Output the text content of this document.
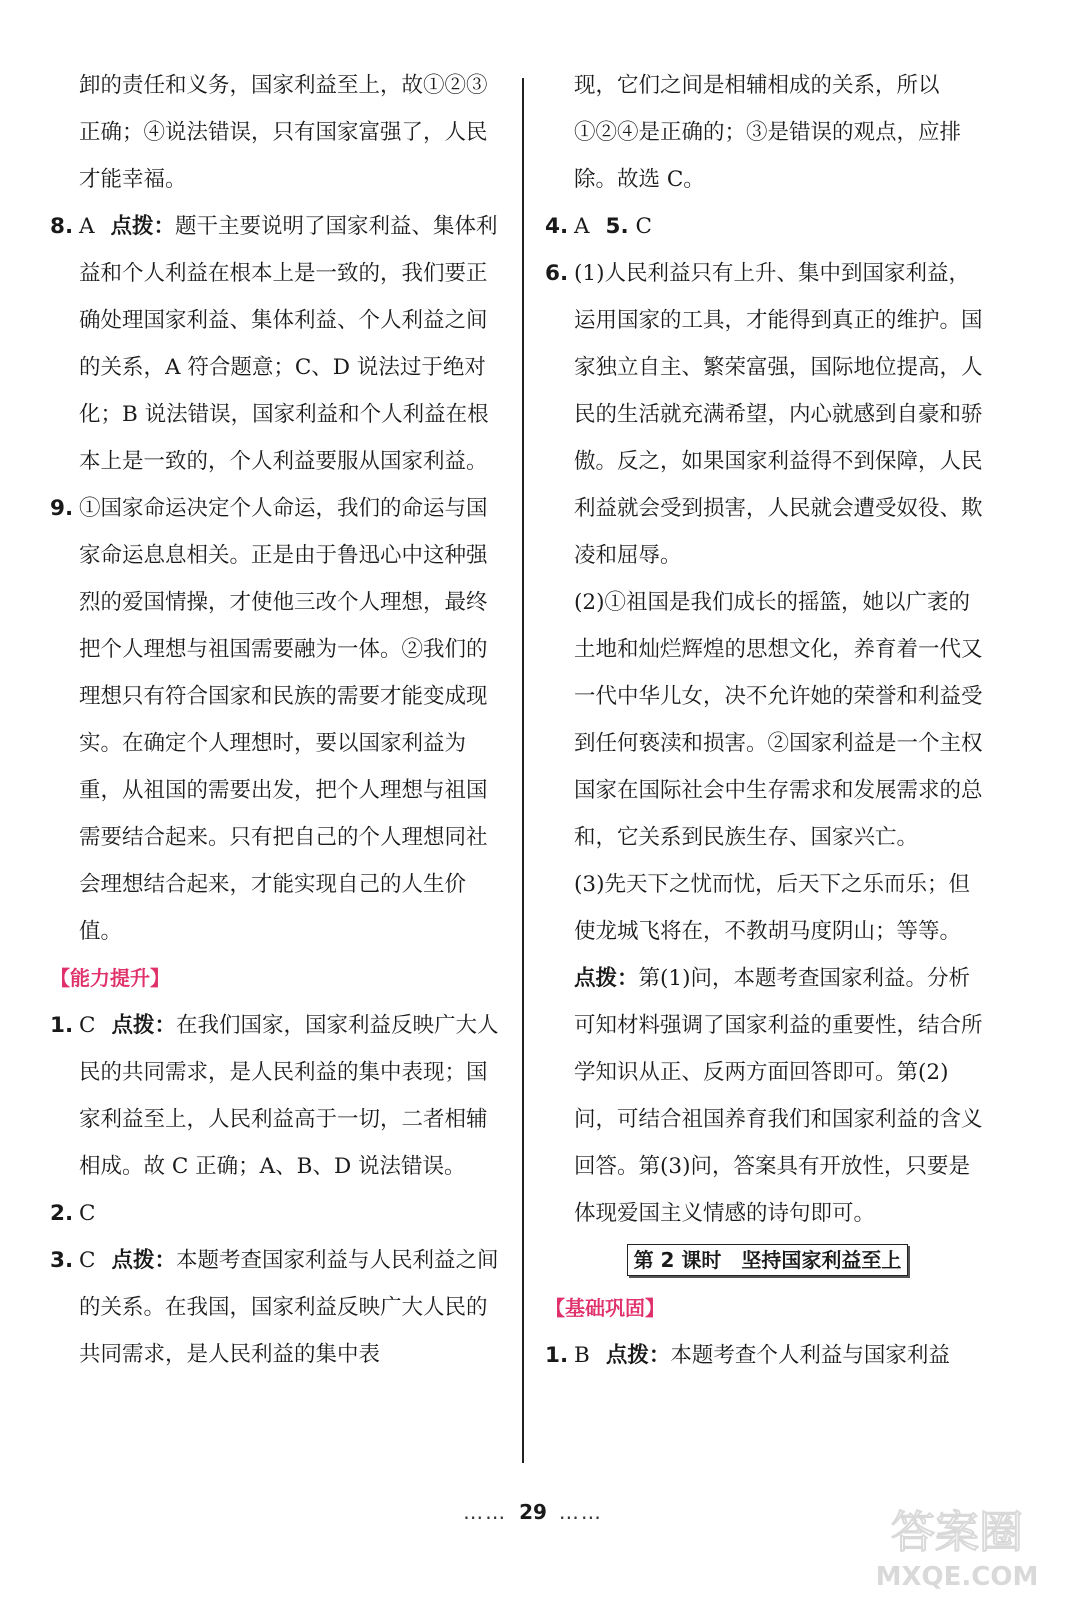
卸的责任和义务，国家利益至上，故①②③正确；④说法错误，只有国家富强了，人民才能幸福。

8. A 点拨：题干主要说明了国家利益、集体利益和个人利益在根本上是一致的，我们要正确处理国家利益、集体利益、个人利益之间的关系，A 符合题意；C、D 说法过于绝对化；B 说法错误，国家利益和个人利益在根本上是一致的，个人利益要服从国家利益。

9. ①国家命运决定个人命运，我们的命运与国家命运息息相关。正是由于鲁迅心中这种强烈的爱国情操，才使他三改个人理想，最终把个人理想与祖国需要融为一体。②我们的理想只有符合国家和民族的需要才能变成现实。在确定个人理想时，要以国家利益为重，从祖国的需要出发，把个人理想与祖国需要结合起来。只有把自己的个人理想同社会理想结合起来，才能实现自己的人生价值。

【能力提升】

1. C 点拨：在我们国家，国家利益反映广大人民的共同需求，是人民利益的集中表现；国家利益至上，人民利益高于一切，二者相辅相成。故 C 正确；A、B、D 说法错误。

2. C

3. C 点拨：本题考查国家利益与人民利益之间的关系。在我国，国家利益反映广大人民的共同需求，是人民利益的集中表

现，它们之间是相辅相成的关系，所以①②④是正确的；③是错误的观点，应排除。故选 C。

4. A 5. C

6. (1)人民利益只有上升、集中到国家利益，运用国家的工具，才能得到真正的维护。国家独立自主、繁荣富强，国际地位提高，人民的生活就充满希望，内心就感到自豪和骄傲。反之，如果国家利益得不到保障，人民利益就会受到损害，人民就会遭受奴役、欺凌和屈辱。

(2)①祖国是我们成长的摇篮，她以广袤的土地和灿烂辉煌的思想文化，养育着一代又一代中华儿女，决不允许她的荣誉和利益受到任何亵渎和损害。②国家利益是一个主权国家在国际社会中生存需求和发展需求的总和，它关系到民族生存、国家兴亡。

(3)先天下之忧而忧，后天下之乐而乐；但使龙城飞将在，不教胡马度阴山；等等。

点拨：第(1)问，本题考查国家利益。分析可知材料强调了国家利益的重要性，结合所学知识从正、反两方面回答即可。第(2)问，可结合祖国养育我们和国家利益的含义回答。第(3)问，答案具有开放性，只要是体现爱国主义情感的诗句即可。

第 2 课时　坚持国家利益至上

【基础巩固】

1. B 点拨：本题考查个人利益与国家利益

…… 29 ……	答案圈
MXQE.COM
